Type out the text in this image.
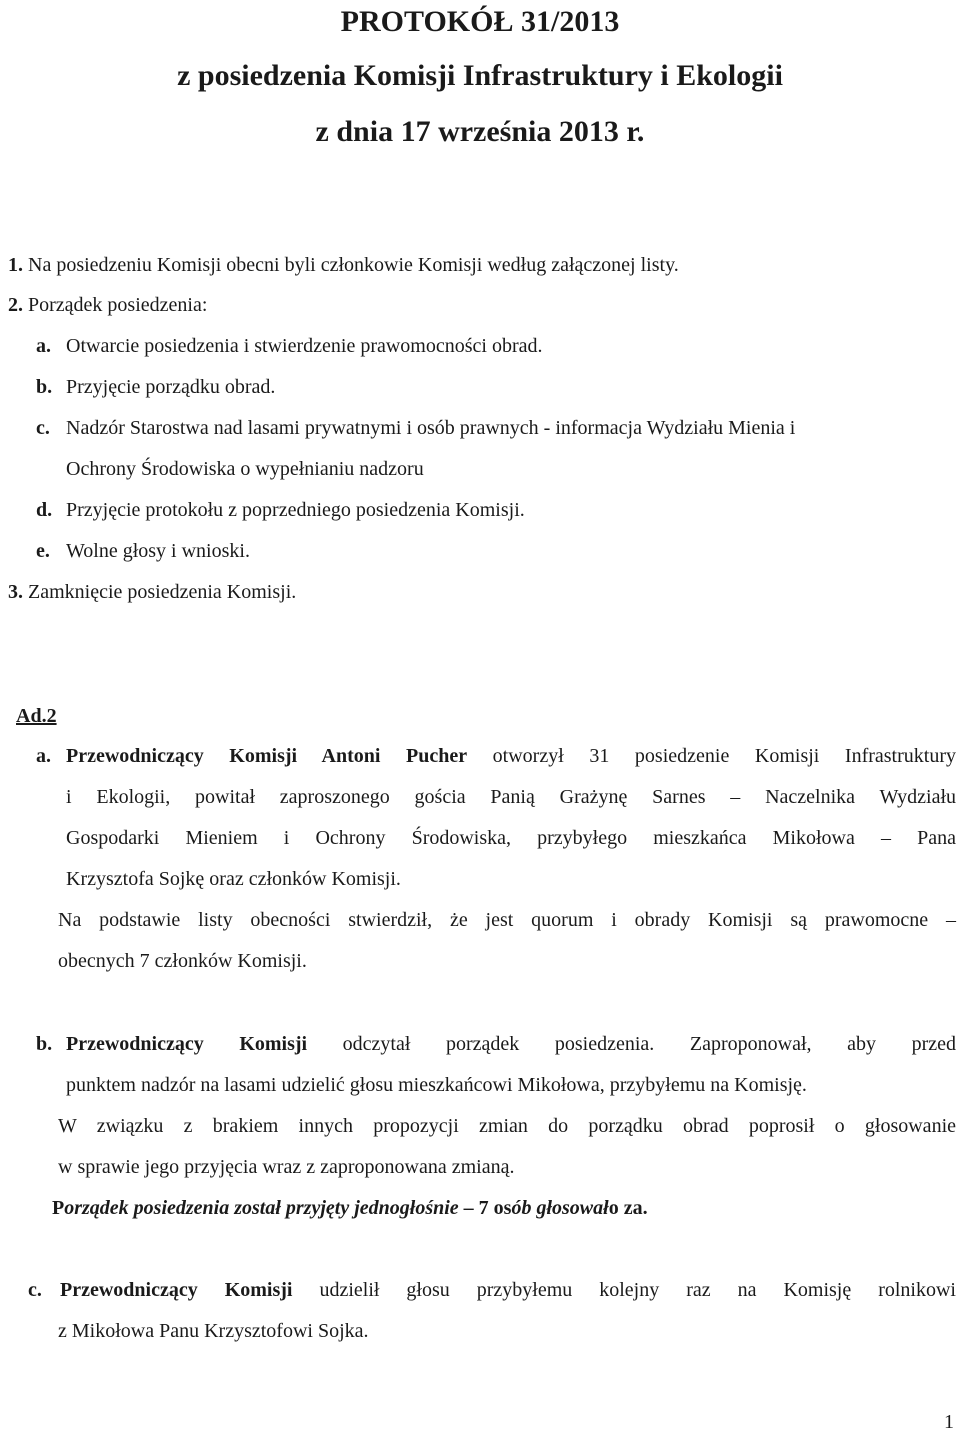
PROTOKÓŁ 31/2013
z posiedzenia Komisji Infrastruktury i Ekologii
z dnia 17 września 2013 r.
1. Na posiedzeniu Komisji obecni byli członkowie Komisji według załączonej listy.
2. Porządek posiedzenia:
a. Otwarcie posiedzenia i stwierdzenie prawomocności obrad.
b. Przyjęcie porządku obrad.
c. Nadzór Starostwa nad lasami prywatnymi i osób prawnych - informacja Wydziału Mienia i
Ochrony Środowiska o wypełnianiu nadzoru
d. Przyjęcie protokołu z poprzedniego posiedzenia Komisji.
e. Wolne głosy i wnioski.
3. Zamknięcie posiedzenia Komisji.
Ad.2
a. Przewodniczący Komisji Antoni Pucher otworzył 31 posiedzenie Komisji Infrastruktury
i Ekologii, powitał zaproszonego gościa Panią Grażynę Sarnes – Naczelnika Wydziału
Gospodarki Mieniem i Ochrony Środowiska, przybyłego mieszkańca Mikołowa – Pana
Krzysztofa Sojkę oraz członków Komisji.
Na podstawie listy obecności stwierdził, że jest quorum i obrady Komisji są prawomocne –
obecnych 7 członków Komisji.
b. Przewodniczący Komisji odczytał porządek posiedzenia. Zaproponował, aby przed
punktem nadzór na lasami udzielić głosu mieszkańcowi Mikołowa, przybyłemu na Komisję.
W związku z brakiem innych propozycji zmian do porządku obrad poprosił o głosowanie
w sprawie jego przyjęcia wraz z zaproponowana zmianą.
Porządek posiedzenia został przyjęty jednogłośnie – 7 osób głosowało za.
c. Przewodniczący Komisji udzielił głosu przybyłemu kolejny raz na Komisję rolnikowi
z Mikołowa Panu Krzysztofowi Sojka.
1
